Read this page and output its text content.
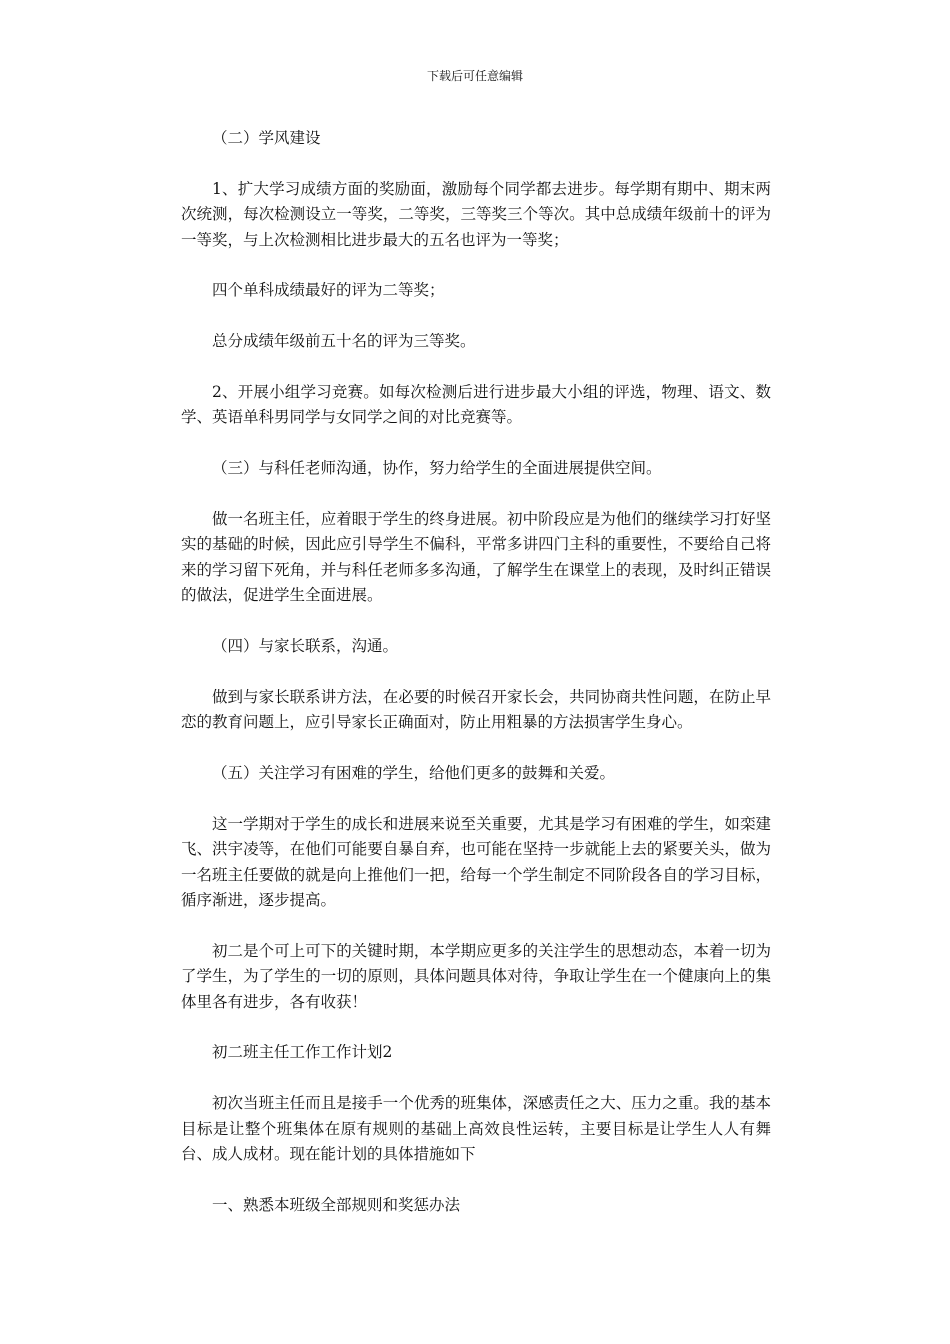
下载后可任意编辑

（二）学风建设

1、扩大学习成绩方面的奖励面，激励每个同学都去进步。每学期有期中、期末两次统测，每次检测设立一等奖，二等奖，三等奖三个等次。其中总成绩年级前十的评为一等奖，与上次检测相比进步最大的五名也评为一等奖；

四个单科成绩最好的评为二等奖；

总分成绩年级前五十名的评为三等奖。

2、开展小组学习竞赛。如每次检测后进行进步最大小组的评选，物理、语文、数学、英语单科男同学与女同学之间的对比竞赛等。

（三）与科任老师沟通，协作，努力给学生的全面进展提供空间。

做一名班主任，应着眼于学生的终身进展。初中阶段应是为他们的继续学习打好坚实的基础的时候，因此应引导学生不偏科，平常多讲四门主科的重要性，不要给自己将来的学习留下死角，并与科任老师多多沟通，了解学生在课堂上的表现，及时纠正错误的做法，促进学生全面进展。

（四）与家长联系，沟通。

做到与家长联系讲方法，在必要的时候召开家长会，共同协商共性问题，在防止早恋的教育问题上，应引导家长正确面对，防止用粗暴的方法损害学生身心。

（五）关注学习有困难的学生，给他们更多的鼓舞和关爱。

这一学期对于学生的成长和进展来说至关重要，尤其是学习有困难的学生，如栾建飞、洪宇凌等，在他们可能要自暴自弃，也可能在坚持一步就能上去的紧要关头，做为一名班主任要做的就是向上推他们一把，给每一个学生制定不同阶段各自的学习目标，循序渐进，逐步提高。

初二是个可上可下的关键时期，本学期应更多的关注学生的思想动态，本着一切为了学生，为了学生的一切的原则，具体问题具体对待，争取让学生在一个健康向上的集体里各有进步，各有收获！

初二班主任工作工作计划2

初次当班主任而且是接手一个优秀的班集体，深感责任之大、压力之重。我的基本目标是让整个班集体在原有规则的基础上高效良性运转，主要目标是让学生人人有舞台、成人成材。现在能计划的具体措施如下

一、熟悉本班级全部规则和奖惩办法
